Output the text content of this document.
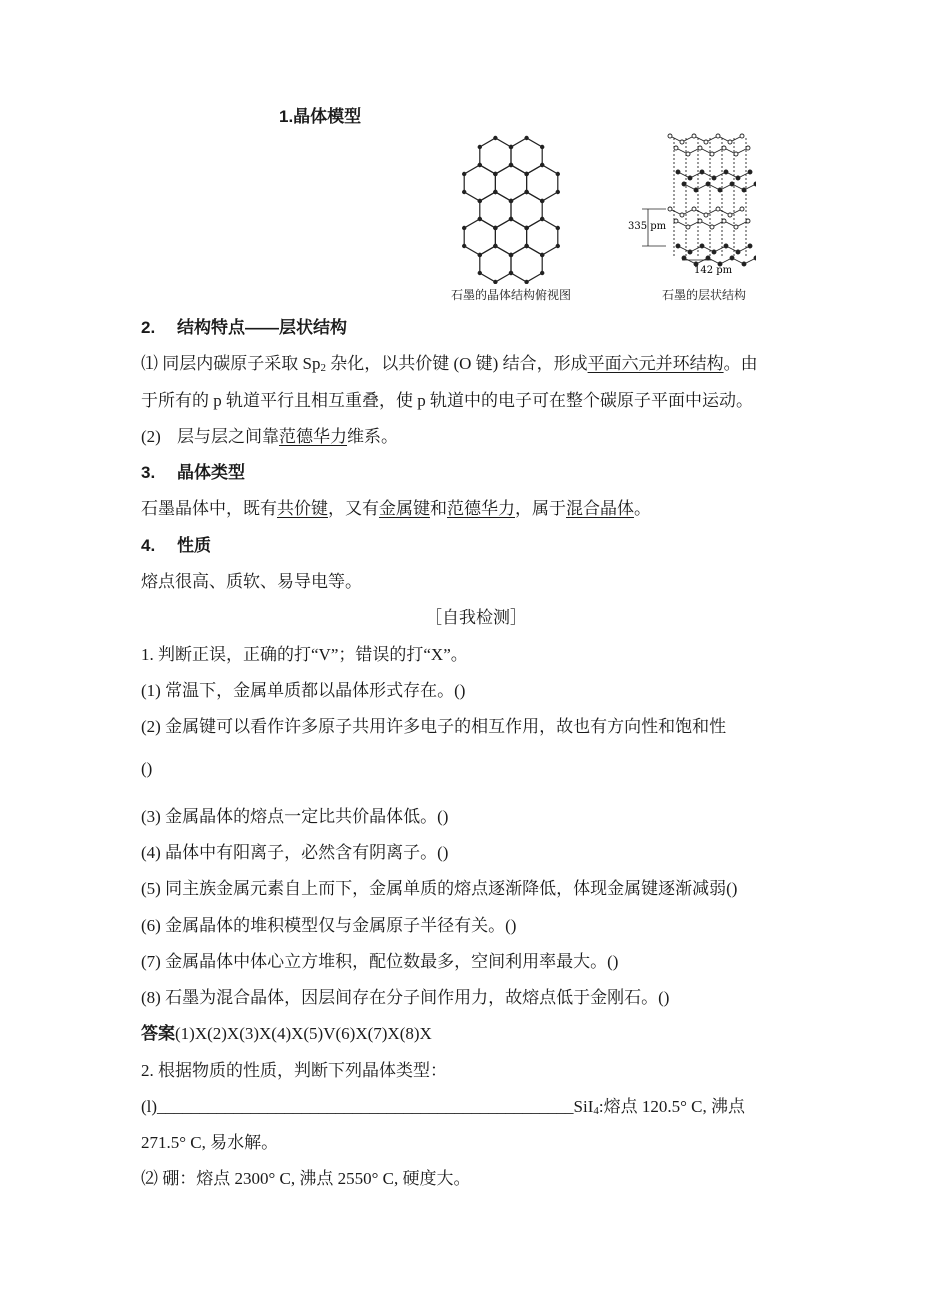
1.晶体模型
石墨的晶体结构俯视图
335 pm
142 pm
石墨的层状结构
2. 结构特点——层状结构
⑴ 同层内碳原子采取 $Sp_2$ 杂化，以共价键 (O 键) 结合，形成平面六元并环结构。由
于所有的 p 轨道平行且相互重叠，使 p 轨道中的电子可在整个碳原子平面中运动。
(2) 层与层之间靠范德华力维系。
3. 晶体类型
石墨晶体中，既有共价键，又有金属键和范德华力，属于混合晶体。
4. 性质
熔点很高、质软、易导电等。
［自我检测］
1. 判断正误，正确的打“V”；错误的打“X”。
(1) 常温下，金属单质都以晶体形式存在。()
(2) 金属键可以看作许多原子共用许多电子的相互作用，故也有方向性和饱和性
()
(3) 金属晶体的熔点一定比共价晶体低。()
(4) 晶体中有阳离子，必然含有阴离子。()
(5) 同主族金属元素自上而下，金属单质的熔点逐渐降低，体现金属键逐渐减弱()
(6) 金属晶体的堆积模型仅与金属原子半径有关。()
(7) 金属晶体中体心立方堆积，配位数最多，空间利用率最大。()
(8) 石墨为混合晶体，因层间存在分子间作用力，故熔点低于金刚石。()
答案(1)X(2)X(3)X(4)X(5)V(6)X(7)X(8)X
2. 根据物质的性质，判断下列晶体类型：
(l)_________________________________________________SiI$_4$:熔点 120.5° C, 沸点
271.5° C, 易水解。
⑵ 硼：熔点 2300° C, 沸点 2550° C, 硬度大。
